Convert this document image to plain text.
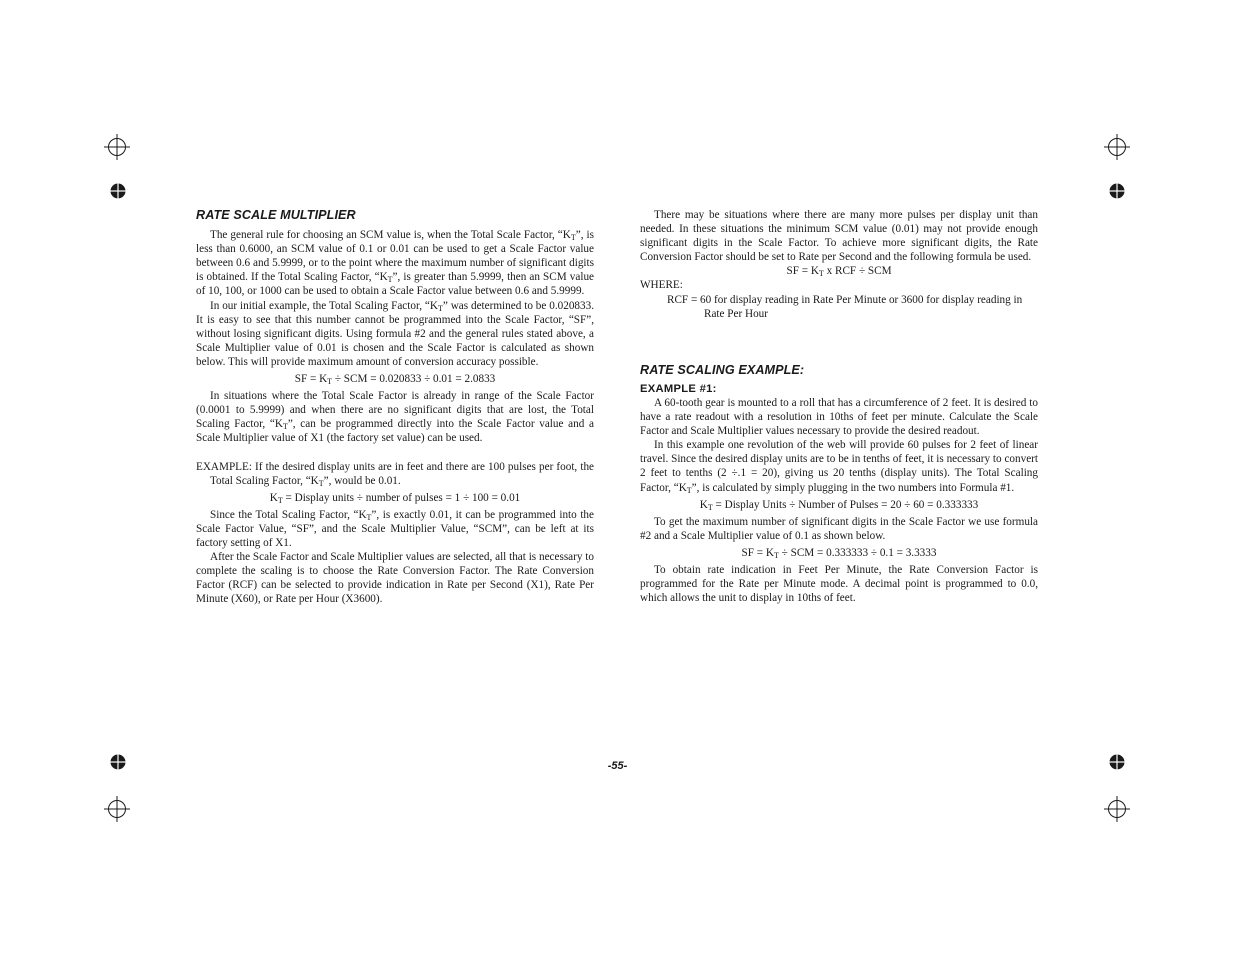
RATE SCALE MULTIPLIER

The general rule for choosing an SCM value is, when the Total Scale Factor, “$K_T$”, is less than 0.6000, an SCM value of 0.1 or 0.01 can be used to get a Scale Factor value between 0.6 and 5.9999, or to the point where the maximum number of significant digits is obtained. If the Total Scaling Factor, “$K_T$”, is greater than 5.9999, then an SCM value of 10, 100, or 1000 can be used to obtain a Scale Factor value between 0.6 and 5.9999.

In our initial example, the Total Scaling Factor, “$K_T$” was determined to be 0.020833. It is easy to see that this number cannot be programmed into the Scale Factor, “SF”, without losing significant digits. Using formula #2 and the general rules stated above, a Scale Multiplier value of 0.01 is chosen and the Scale Factor is calculated as shown below. This will provide maximum amount of conversion accuracy possible.

SF = $K_T$ ÷ SCM = 0.020833 ÷ 0.01 = 2.0833

In situations where the Total Scale Factor is already in range of the Scale Factor (0.0001 to 5.9999) and when there are no significant digits that are lost, the Total Scaling Factor, “$K_T$”, can be programmed directly into the Scale Factor value and a Scale Multiplier value of X1 (the factory set value) can be used.

EXAMPLE: If the desired display units are in feet and there are 100 pulses per foot, the Total Scaling Factor, “$K_T$”, would be 0.01.

$K_T$ = Display units ÷ number of pulses = 1 ÷ 100 = 0.01

Since the Total Scaling Factor, “$K_T$”, is exactly 0.01, it can be programmed into the Scale Factor Value, “SF”, and the Scale Multiplier Value, “SCM”, can be left at its factory setting of X1.

After the Scale Factor and Scale Multiplier values are selected, all that is necessary to complete the scaling is to choose the Rate Conversion Factor. The Rate Conversion Factor (RCF) can be selected to provide indication in Rate per Second (X1), Rate Per Minute (X60), or Rate per Hour (X3600).

There may be situations where there are many more pulses per display unit than needed. In these situations the minimum SCM value (0.01) may not provide enough significant digits in the Scale Factor. To achieve more significant digits, the Rate Conversion Factor should be set to Rate per Second and the following formula be used.

SF = $K_T$ x RCF ÷ SCM

WHERE:

RCF = 60 for display reading in Rate Per Minute or 3600 for display reading in Rate Per Hour

RATE SCALING EXAMPLE:
EXAMPLE #1:

A 60-tooth gear is mounted to a roll that has a circumference of 2 feet. It is desired to have a rate readout with a resolution in 10ths of feet per minute. Calculate the Scale Factor and Scale Multiplier values necessary to provide the desired readout.

In this example one revolution of the web will provide 60 pulses for 2 feet of linear travel. Since the desired display units are to be in tenths of feet, it is necessary to convert 2 feet to tenths (2 ÷.1 = 20), giving us 20 tenths (display units). The Total Scaling Factor, “$K_T$”, is calculated by simply plugging in the two numbers into Formula #1.

$K_T$ = Display Units ÷ Number of Pulses = 20 ÷ 60 = 0.333333

To get the maximum number of significant digits in the Scale Factor we use formula #2 and a Scale Multiplier value of 0.1 as shown below.

SF = $K_T$ ÷ SCM = 0.333333 ÷ 0.1 = 3.3333

To obtain rate indication in Feet Per Minute, the Rate Conversion Factor is programmed for the Rate per Minute mode. A decimal point is programmed to 0.0, which allows the unit to display in 10ths of feet.

-55-
